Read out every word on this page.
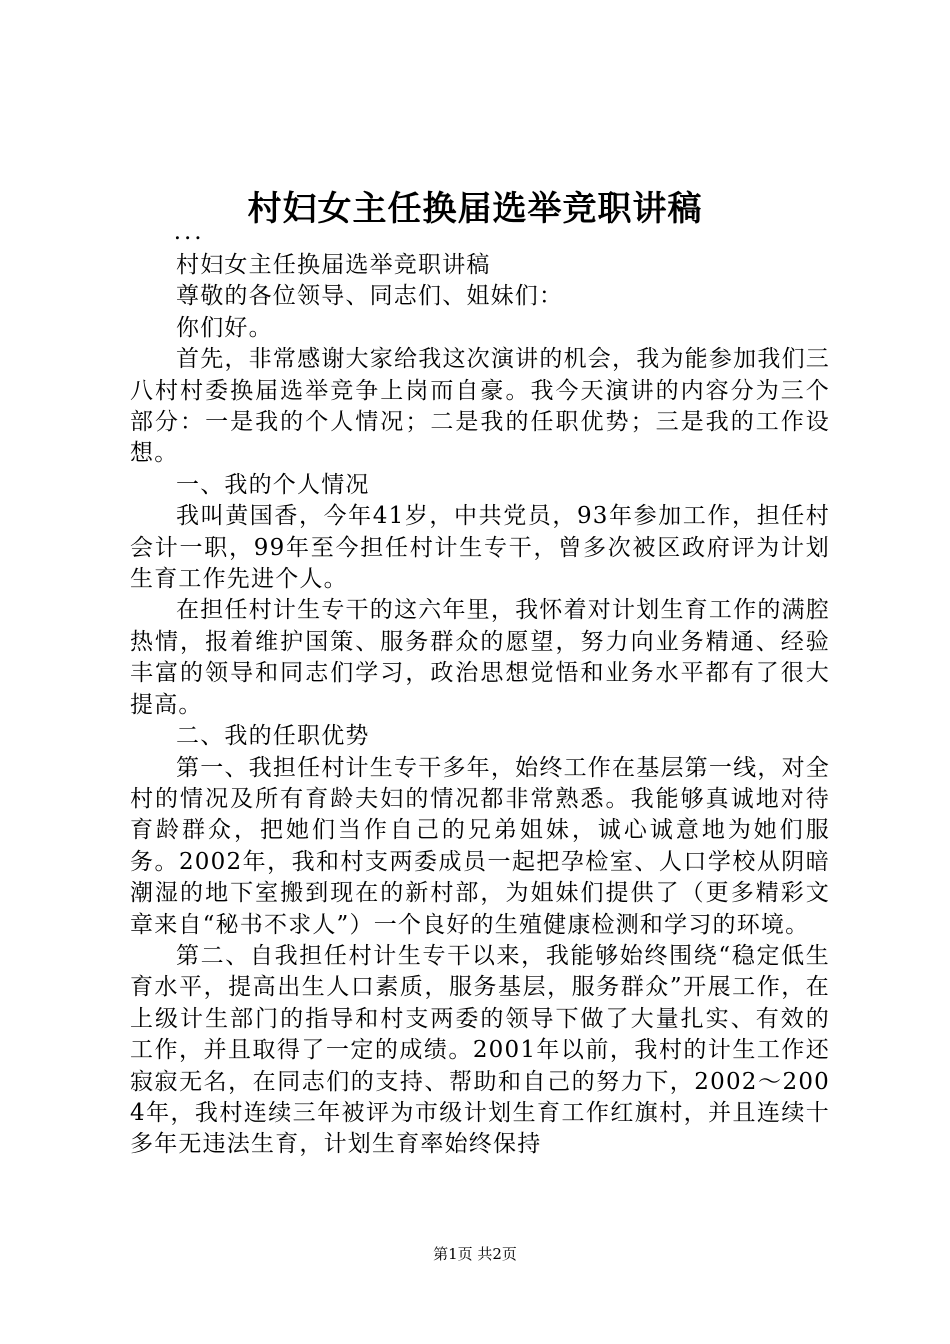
村妇女主任换届选举竞职讲稿

...

村妇女主任换届选举竞职讲稿

尊敬的各位领导、同志们、姐妹们：

你们好。

首先，非常感谢大家给我这次演讲的机会，我为能参加我们三八村村委换届选举竞争上岗而自豪。我今天演讲的内容分为三个部分：一是我的个人情况；二是我的任职优势；三是我的工作设想。

一、我的个人情况

我叫黄国香，今年41岁，中共党员，93年参加工作，担任村会计一职，99年至今担任村计生专干，曾多次被区政府评为计划生育工作先进个人。

在担任村计生专干的这六年里，我怀着对计划生育工作的满腔热情，报着维护国策、服务群众的愿望，努力向业务精通、经验丰富的领导和同志们学习，政治思想觉悟和业务水平都有了很大提高。

二、我的任职优势

第一、我担任村计生专干多年，始终工作在基层第一线，对全村的情况及所有育龄夫妇的情况都非常熟悉。我能够真诚地对待育龄群众，把她们当作自己的兄弟姐妹，诚心诚意地为她们服务。2002年，我和村支两委成员一起把孕检室、人口学校从阴暗潮湿的地下室搬到现在的新村部，为姐妹们提供了（更多精彩文章来自“秘书不求人”）一个良好的生殖健康检测和学习的环境。

第二、自我担任村计生专干以来，我能够始终围绕“稳定低生育水平，提高出生人口素质，服务基层，服务群众”开展工作，在上级计生部门的指导和村支两委的领导下做了大量扎实、有效的工作，并且取得了一定的成绩。2001年以前，我村的计生工作还寂寂无名，在同志们的支持、帮助和自己的努力下，2002～2004年，我村连续三年被评为市级计划生育工作红旗村，并且连续十多年无违法生育，计划生育率始终保持

第1页 共2页
